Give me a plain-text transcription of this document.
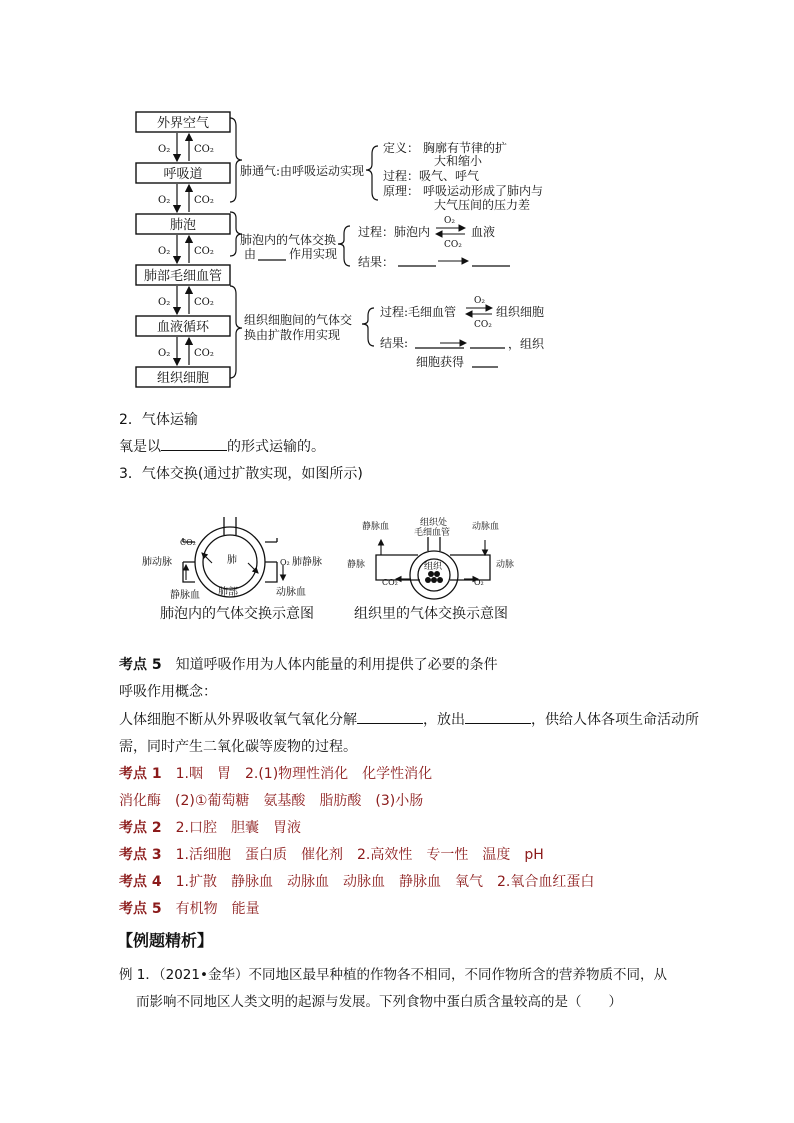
外界空气
呼吸道
肺泡
肺部毛细血管
血液循环
组织细胞
O₂ CO₂
O₂ CO₂
O₂ CO₂
O₂ CO₂
O₂ CO₂
肺通气:由呼吸运动实现
定义： 胸廓有节律的扩
大和缩小
过程：吸气、呼气
原理： 呼吸运动形成了肺内与
大气压间的压力差
肺泡内的气体交换
由	作用实现
过程：肺泡内	血液
结果：
组织细胞间的气体交
换由扩散作用实现
过程:毛细血管	组织细胞
结果:	，组织
细胞获得
O₂
CO₂
O₂
CO₂
2．气体运输
氧是以	的形式运输的。
3．气体交换(通过扩散实现，如图所示)
肺
肺动脉	肺静脉
静脉血	动脉血
肺部
CO₂
O₂
肺泡内的气体交换示意图
静脉血	组织处
毛细血管
动脉血
静脉	动脉
组织
CO₂	O₂
组织里的气体交换示意图
考点 5 知道呼吸作用为人体内能量的利用提供了必要的条件
呼吸作用概念：
人体细胞不断从外界吸收氧气氧化分解	，放出	，供给人体各项生命活动所
需，同时产生二氧化碳等废物的过程。
考点 1 1.咽　胃　2.(1)物理性消化　化学性消化
消化酶　(2)①葡萄糖　氨基酸　脂肪酸　(3)小肠
考点 2 2.口腔　胆囊　胃液
考点 3 1.活细胞　蛋白质　催化剂　2.高效性　专一性　温度　pH
考点 4 1.扩散　静脉血　动脉血　动脉血　静脉血　氧气　2.氧合血红蛋白
考点 5 有机物　能量
【例题精析】
例 1．（2021•金华）不同地区最早种植的作物各不相同，不同作物所含的营养物质不同，从
而影响不同地区人类文明的起源与发展。下列食物中蛋白质含量较高的是（　　）
